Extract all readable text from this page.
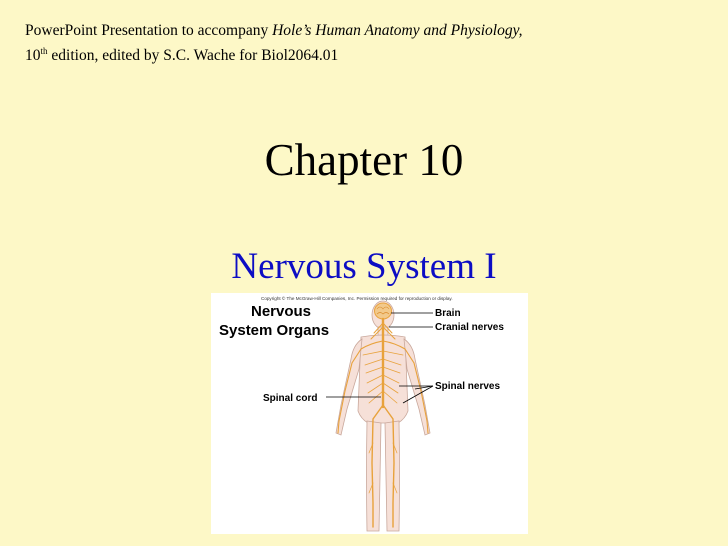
PowerPoint Presentation to accompany Hole’s Human Anatomy and Physiology,
10th edition, edited by S.C. Wache for Biol2064.01
Chapter 10
Nervous System I
Copyright © The McGraw-Hill Companies, Inc. Permission required for reproduction or display.
Nervous
System Organs
Brain
Cranial nerves
Spinal nerves
Spinal cord
